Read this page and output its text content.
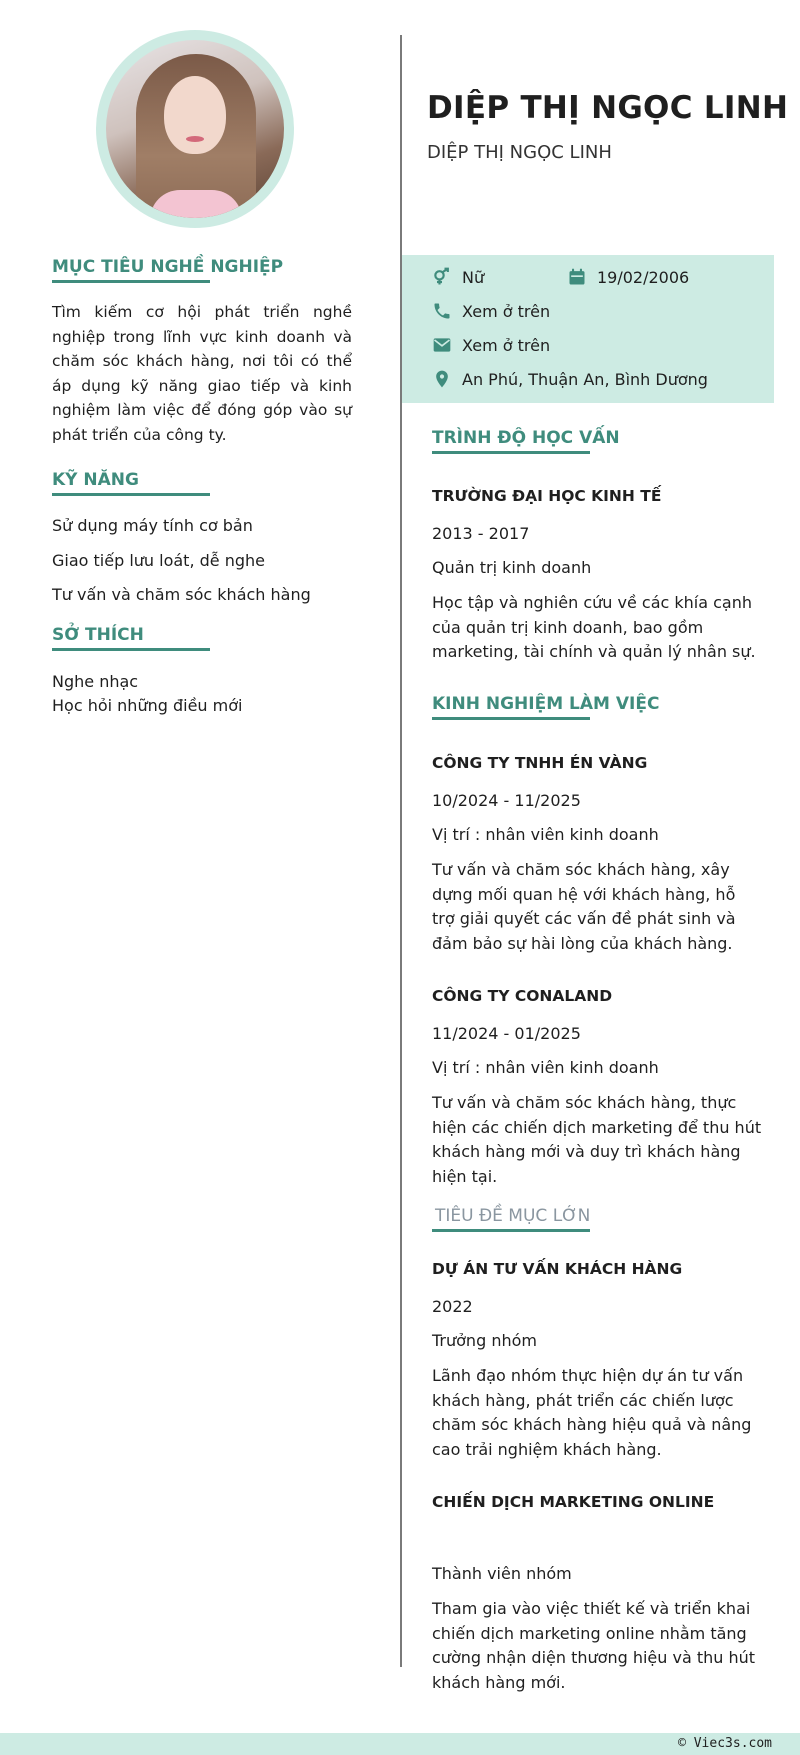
MỤC TIÊU NGHỀ NGHIỆP

Tìm kiếm cơ hội phát triển nghề nghiệp trong lĩnh vực kinh doanh và chăm sóc khách hàng, nơi tôi có thể áp dụng kỹ năng giao tiếp và kinh nghiệm làm việc để đóng góp vào sự phát triển của công ty.

KỸ NĂNG
Sử dụng máy tính cơ bản
Giao tiếp lưu loát, dễ nghe
Tư vấn và chăm sóc khách hàng
SỞ THÍCH
Nghe nhạc
Học hỏi những điều mới
DIỆP THỊ NGỌC LINH
DIỆP THỊ NGỌC LINH
Nữ	19/02/2006
Xem ở trên
Xem ở trên
An Phú, Thuận An, Bình Dương
TRÌNH ĐỘ HỌC VẤN
TRƯỜNG ĐẠI HỌC KINH TẾ
2013 - 2017
Quản trị kinh doanh

Học tập và nghiên cứu về các khía cạnh của quản trị kinh doanh, bao gồm marketing, tài chính và quản lý nhân sự.

KINH NGHIỆM LÀM VIỆC
CÔNG TY TNHH ÉN VÀNG
10/2024 - 11/2025
Vị trí : nhân viên kinh doanh

Tư vấn và chăm sóc khách hàng, xây dựng mối quan hệ với khách hàng, hỗ trợ giải quyết các vấn đề phát sinh và đảm bảo sự hài lòng của khách hàng.

CÔNG TY CONALAND
11/2024 - 01/2025
Vị trí : nhân viên kinh doanh

Tư vấn và chăm sóc khách hàng, thực hiện các chiến dịch marketing để thu hút khách hàng mới và duy trì khách hàng hiện tại.

TIÊU ĐỀ MỤC LỚN
DỰ ÁN TƯ VẤN KHÁCH HÀNG
2022
Trưởng nhóm

Lãnh đạo nhóm thực hiện dự án tư vấn khách hàng, phát triển các chiến lược chăm sóc khách hàng hiệu quả và nâng cao trải nghiệm khách hàng.

CHIẾN DỊCH MARKETING ONLINE
Thành viên nhóm

Tham gia vào việc thiết kế và triển khai chiến dịch marketing online nhằm tăng cường nhận diện thương hiệu và thu hút khách hàng mới.

© Viec3s.com
